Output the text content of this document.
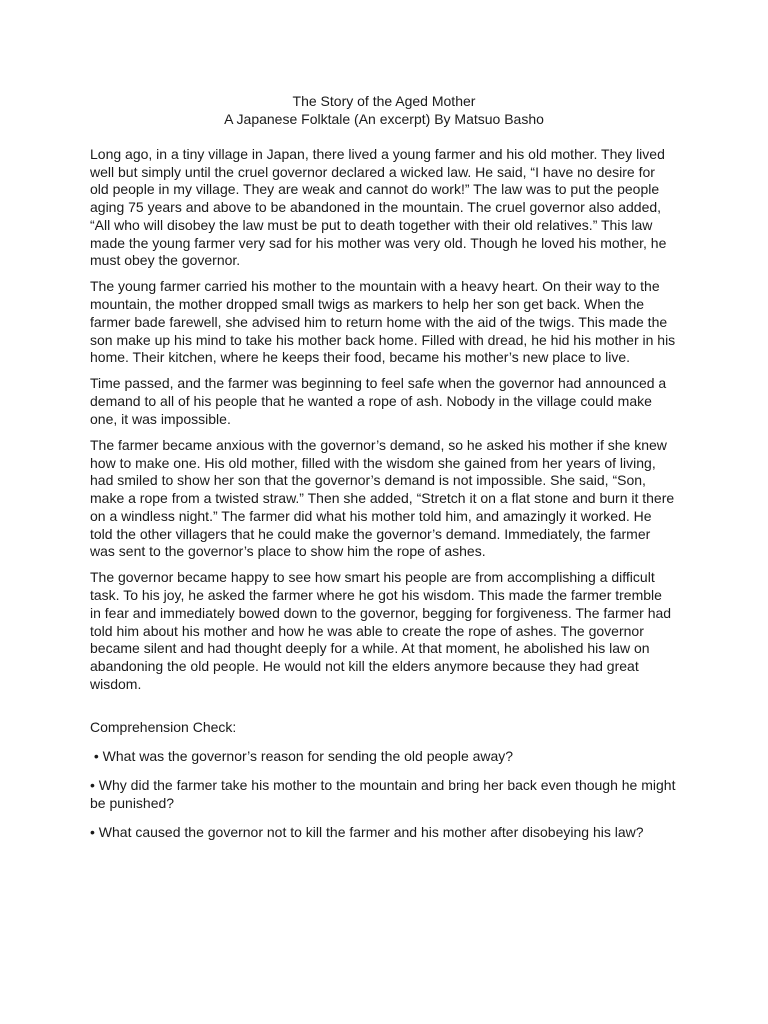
The Story of the Aged Mother
A Japanese Folktale (An excerpt) By Matsuo Basho

Long ago, in a tiny village in Japan, there lived a young farmer and his old mother. They lived well but simply until the cruel governor declared a wicked law. He said, “I have no desire for old people in my village. They are weak and cannot do work!” The law was to put the people aging 75 years and above to be abandoned in the mountain. The cruel governor also added, “All who will disobey the law must be put to death together with their old relatives.” This law made the young farmer very sad for his mother was very old. Though he loved his mother, he must obey the governor.

The young farmer carried his mother to the mountain with a heavy heart. On their way to the mountain, the mother dropped small twigs as markers to help her son get back. When the farmer bade farewell, she advised him to return home with the aid of the twigs. This made the son make up his mind to take his mother back home. Filled with dread, he hid his mother in his home. Their kitchen, where he keeps their food, became his mother’s new place to live.

Time passed, and the farmer was beginning to feel safe when the governor had announced a demand to all of his people that he wanted a rope of ash. Nobody in the village could make one, it was impossible.

The farmer became anxious with the governor’s demand, so he asked his mother if she knew how to make one. His old mother, filled with the wisdom she gained from her years of living, had smiled to show her son that the governor’s demand is not impossible. She said, “Son, make a rope from a twisted straw.” Then she added, “Stretch it on a flat stone and burn it there on a windless night.” The farmer did what his mother told him, and amazingly it worked. He told the other villagers that he could make the governor’s demand. Immediately, the farmer was sent to the governor’s place to show him the rope of ashes.

The governor became happy to see how smart his people are from accomplishing a difficult task. To his joy, he asked the farmer where he got his wisdom. This made the farmer tremble in fear and immediately bowed down to the governor, begging for forgiveness. The farmer had told him about his mother and how he was able to create the rope of ashes. The governor became silent and had thought deeply for a while. At that moment, he abolished his law on abandoning the old people. He would not kill the elders anymore because they had great wisdom.

Comprehension Check:
• What was the governor’s reason for sending the old people away?
• Why did the farmer take his mother to the mountain and bring her back even though he might be punished?
• What caused the governor not to kill the farmer and his mother after disobeying his law?
